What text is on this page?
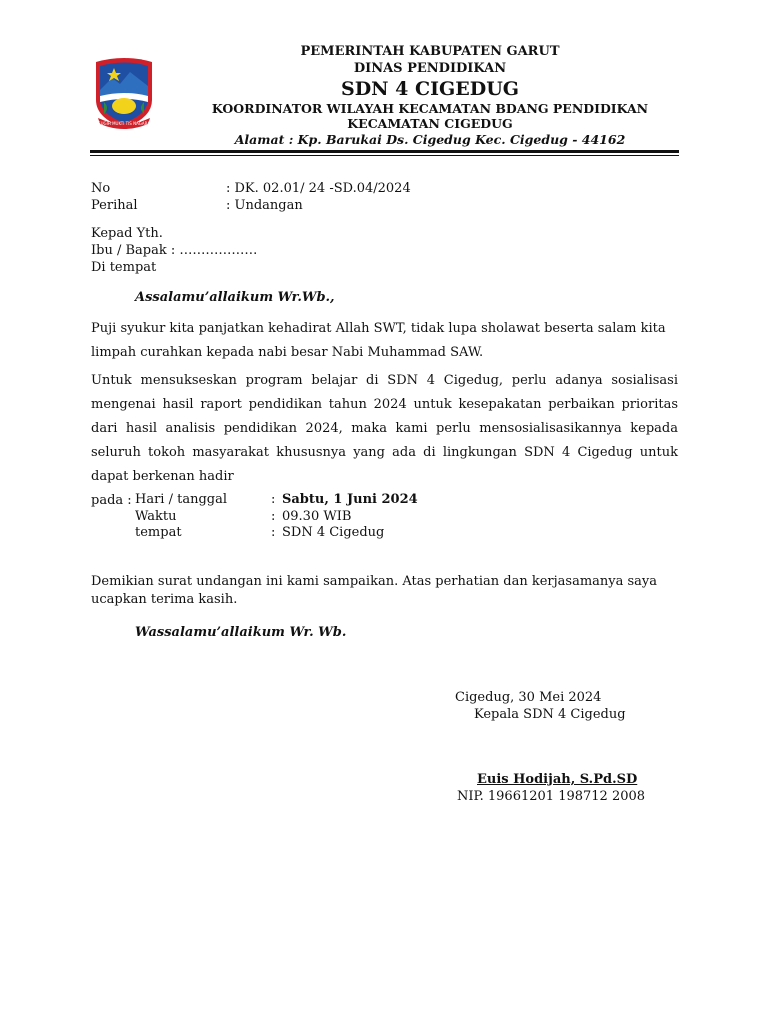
SUGIH MUKTI TIS NAGARA
PEMERINTAH KABUPATEN GARUT
DINAS PENDIDIKAN
SDN 4 CIGEDUG
KOORDINATOR WILAYAH KECAMATAN BDANG PENDIDIKAN
KECAMATAN CIGEDUG
Alamat : Kp. Barukai Ds. Cigedug Kec. Cigedug - 44162
No	: DK. 02.01/ 24 -SD.04/2024
Perihal	: Undangan
Kepad Yth.
Ibu / Bapak : ………………
Di tempat
Assalamu’allaikum Wr.Wb.,
Puji syukur kita panjatkan kehadirat Allah SWT, tidak lupa sholawat beserta salam kita
limpah curahkan kepada nabi besar Nabi Muhammad SAW.
Untuk mensukseskan program belajar di SDN 4 Cigedug, perlu adanya sosialisasi mengenai hasil raport pendidikan tahun 2024 untuk kesepakatan perbaikan prioritas dari hasil analisis pendidikan 2024, maka kami perlu mensosialisasikannya kepada seluruh tokoh masyarakat khususnya yang ada di lingkungan SDN 4 Cigedug untuk dapat berkenan hadir
pada : Hari / tanggal	: Sabtu, 1 Juni 2024
Waktu	: 09.30 WIB
tempat	: SDN 4 Cigedug
Demikian surat undangan ini kami sampaikan. Atas perhatian dan kerjasamanya saya
ucapkan terima kasih.
Wassalamu’allaikum Wr. Wb.
Cigedug, 30 Mei 2024
Kepala SDN 4 Cigedug
Euis Hodijah, S.Pd.SD
NIP. 19661201 198712 2008
